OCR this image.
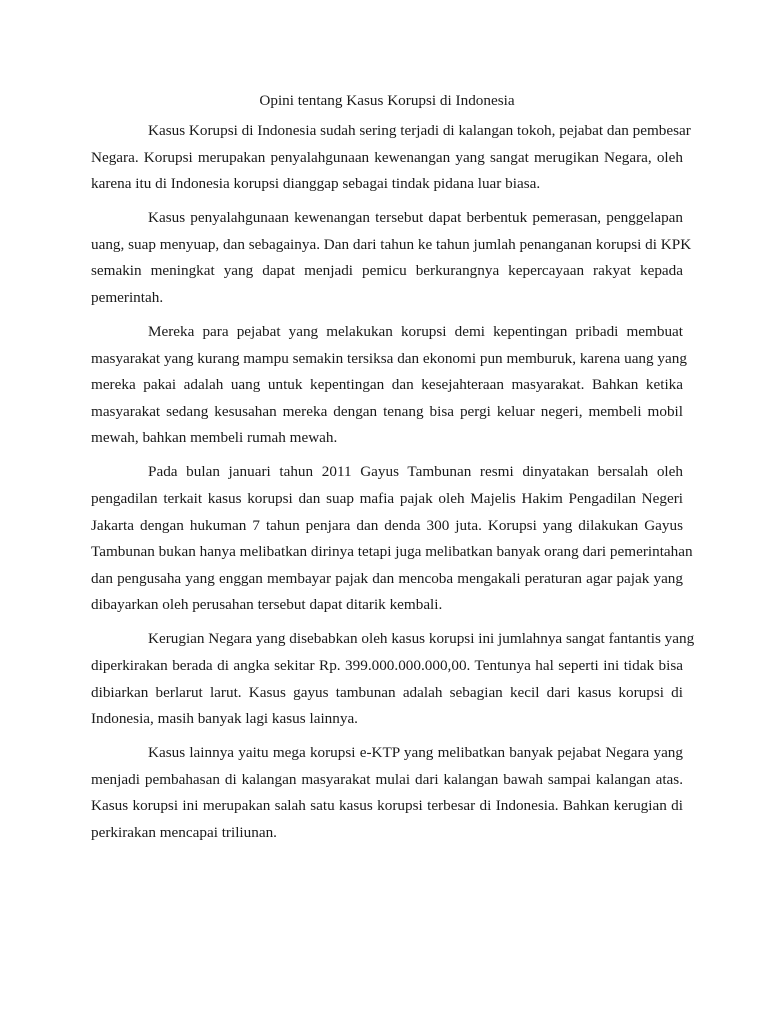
Opini tentang Kasus Korupsi di Indonesia
Kasus Korupsi di Indonesia sudah sering terjadi di kalangan tokoh, pejabat dan pembesar
Negara. Korupsi merupakan penyalahgunaan kewenangan yang sangat merugikan Negara, oleh
karena itu di Indonesia korupsi dianggap sebagai tindak pidana luar biasa.
Kasus penyalahgunaan kewenangan tersebut dapat berbentuk pemerasan, penggelapan
uang, suap menyuap, dan sebagainya. Dan dari tahun ke tahun jumlah penanganan korupsi di KPK
semakin meningkat yang dapat menjadi pemicu berkurangnya kepercayaan rakyat kepada
pemerintah.
Mereka para pejabat yang melakukan korupsi demi kepentingan pribadi membuat
masyarakat yang kurang mampu semakin tersiksa dan ekonomi pun memburuk, karena uang yang
mereka pakai adalah uang untuk kepentingan dan kesejahteraan masyarakat. Bahkan ketika
masyarakat sedang kesusahan mereka dengan tenang bisa pergi keluar negeri, membeli mobil
mewah, bahkan membeli rumah mewah.
Pada bulan januari tahun 2011 Gayus Tambunan resmi dinyatakan bersalah oleh
pengadilan terkait kasus korupsi dan suap mafia pajak oleh Majelis Hakim Pengadilan Negeri
Jakarta dengan hukuman 7 tahun penjara dan denda 300 juta. Korupsi yang dilakukan Gayus
Tambunan bukan hanya melibatkan dirinya tetapi juga melibatkan banyak orang dari pemerintahan
dan pengusaha yang enggan membayar pajak dan mencoba mengakali peraturan agar pajak yang
dibayarkan oleh perusahan tersebut dapat ditarik kembali.
Kerugian Negara yang disebabkan oleh kasus korupsi ini jumlahnya sangat fantantis yang
diperkirakan berada di angka sekitar Rp. 399.000.000.000,00. Tentunya hal seperti ini tidak bisa
dibiarkan berlarut larut. Kasus gayus tambunan adalah sebagian kecil dari kasus korupsi di
Indonesia, masih banyak lagi kasus lainnya.
Kasus lainnya yaitu mega korupsi e-KTP yang melibatkan banyak pejabat Negara yang
menjadi pembahasan di kalangan masyarakat mulai dari kalangan bawah sampai kalangan atas.
Kasus korupsi ini merupakan salah satu kasus korupsi terbesar di Indonesia. Bahkan kerugian di
perkirakan mencapai triliunan.
